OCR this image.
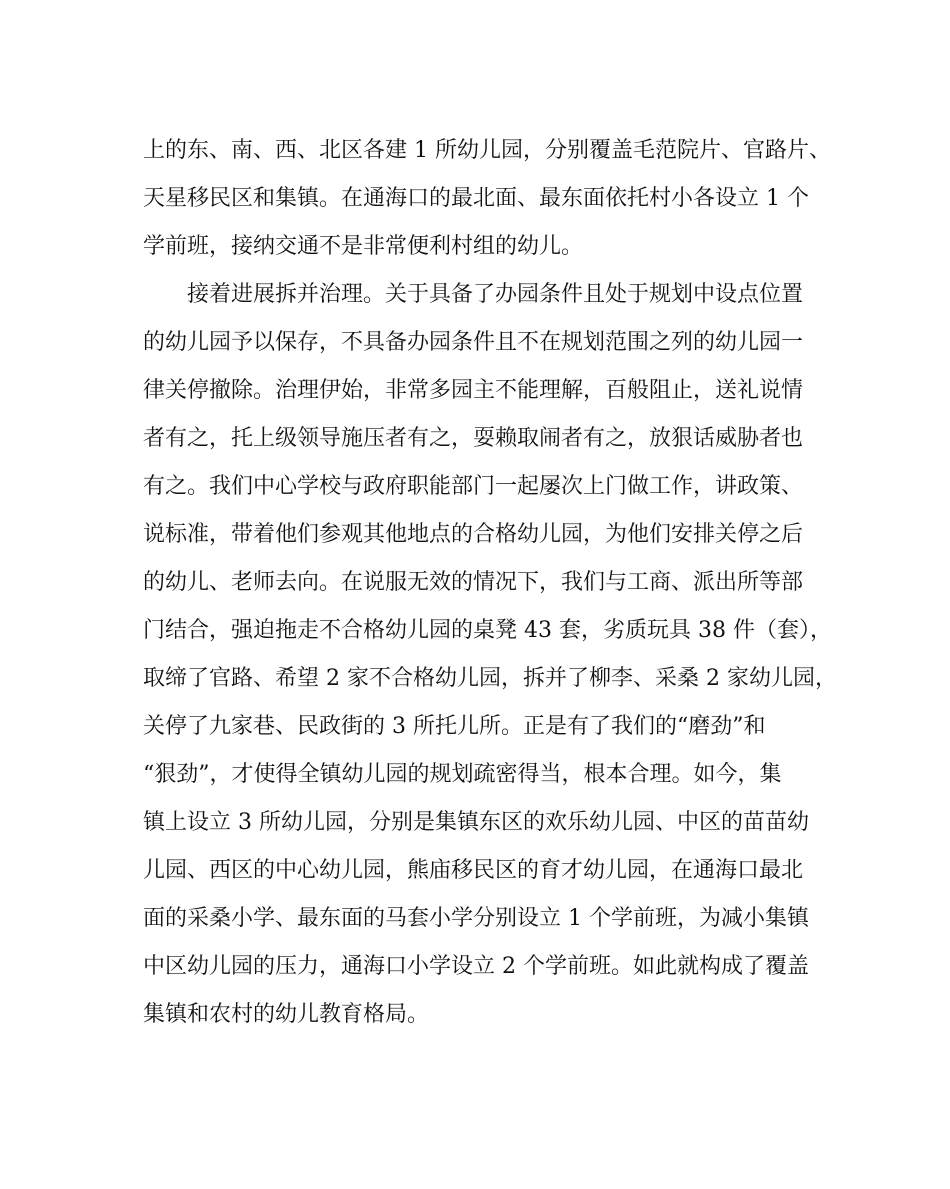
上的东、南、西、北区各建 1 所幼儿园，分别覆盖毛范院片、官路片、
天星移民区和集镇。在通海口的最北面、最东面依托村小各设立 1 个
学前班，接纳交通不是非常便利村组的幼儿。
接着进展拆并治理。关于具备了办园条件且处于规划中设点位置
的幼儿园予以保存，不具备办园条件且不在规划范围之列的幼儿园一
律关停撤除。治理伊始，非常多园主不能理解，百般阻止，送礼说情
者有之，托上级领导施压者有之，耍赖取闹者有之，放狠话威胁者也
有之。我们中心学校与政府职能部门一起屡次上门做工作，讲政策、
说标准，带着他们参观其他地点的合格幼儿园，为他们安排关停之后
的幼儿、老师去向。在说服无效的情况下，我们与工商、派出所等部
门结合，强迫拖走不合格幼儿园的桌凳 43 套，劣质玩具 38 件（套），
取缔了官路、希望 2 家不合格幼儿园，拆并了柳李、采桑 2 家幼儿园，
关停了九家巷、民政街的 3 所托儿所。正是有了我们的“磨劲”和
“狠劲”，才使得全镇幼儿园的规划疏密得当，根本合理。如今，集
镇上设立 3 所幼儿园，分别是集镇东区的欢乐幼儿园、中区的苗苗幼
儿园、西区的中心幼儿园，熊庙移民区的育才幼儿园，在通海口最北
面的采桑小学、最东面的马套小学分别设立 1 个学前班，为减小集镇
中区幼儿园的压力，通海口小学设立 2 个学前班。如此就构成了覆盖
集镇和农村的幼儿教育格局。
